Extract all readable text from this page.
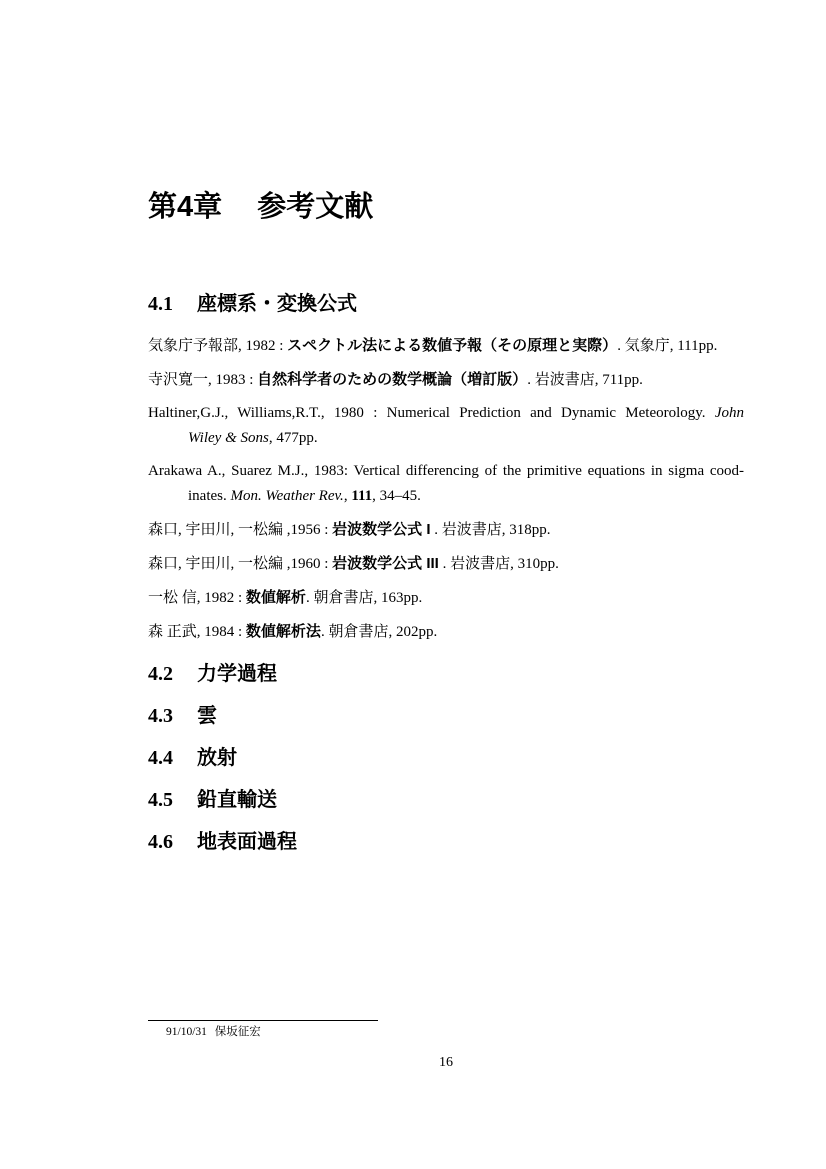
第4章 参考文献
4.1 座標系・変換公式
気象庁予報部, 1982 : スペクトル法による数値予報（その原理と実際）. 気象庁, 111pp.
寺沢寛一, 1983 : 自然科学者のための数学概論（増訂版）. 岩波書店, 711pp.
Haltiner,G.J., Williams,R.T., 1980 : Numerical Prediction and Dynamic Meteorology. John
Wiley & Sons, 477pp.
Arakawa A., Suarez M.J., 1983: Vertical differencing of the primitive equations in sigma cood-
inates. Mon. Weather Rev., 111, 34–45.
森口, 宇田川, 一松編 ,1956 : 岩波数学公式 I . 岩波書店, 318pp.
森口, 宇田川, 一松編 ,1960 : 岩波数学公式 III . 岩波書店, 310pp.
一松 信, 1982 : 数値解析. 朝倉書店, 163pp.
森 正武, 1984 : 数値解析法. 朝倉書店, 202pp.
4.2 力学過程
4.3 雲
4.4 放射
4.5 鉛直輸送
4.6 地表面過程
91/10/31 保坂征宏
16
